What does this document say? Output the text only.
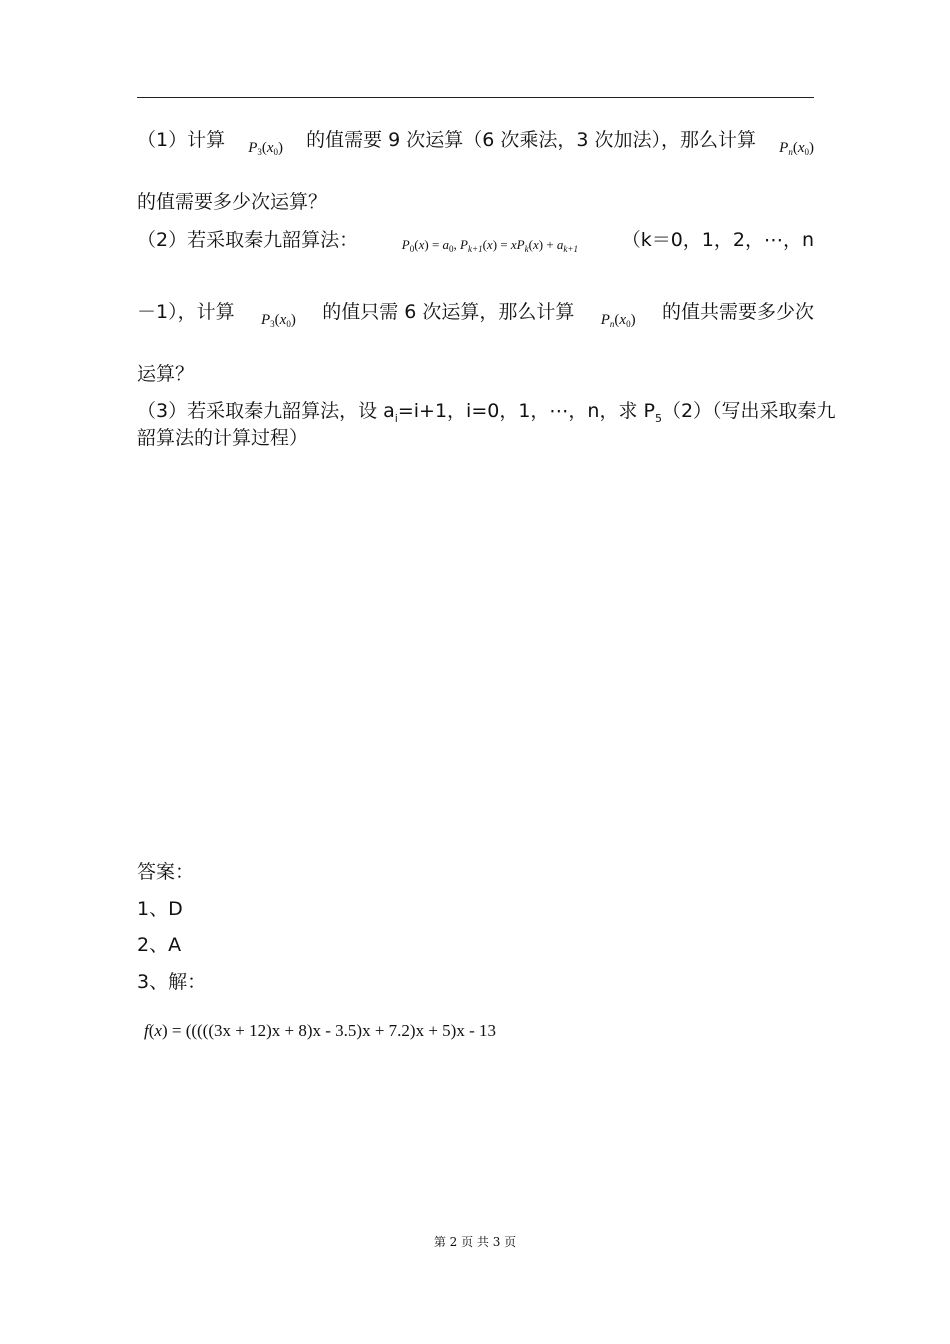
（1）计算 $P_3(x_0)$ 的值需要 9 次运算（6 次乘法，3 次加法），那么计算 $P_n(x_0)$
的值需要多少次运算？
（2）若采取秦九韶算法：	$P_0(x) = a_0$, $P_{k+1}(x) = xP_k(x) + a_{k+1}$ （k＝0，1，2，⋯，n
－1），计算 $P_3(x_0)$ 的值只需 6 次运算，那么计算 $P_n(x_0)$ 的值共需要多少次
运算？
（3）若采取秦九韶算法，设 $a_i=i+1$，i=0，1，⋯，n，求 $P_5(2)$（写出采取秦九
韶算法的计算过程）
答案：
1、D
2、A
3、解：
f(x) = (((((3x + 12)x + 8)x - 3.5)x + 7.2)x + 5)x - 13
第 2 页 共 3 页
